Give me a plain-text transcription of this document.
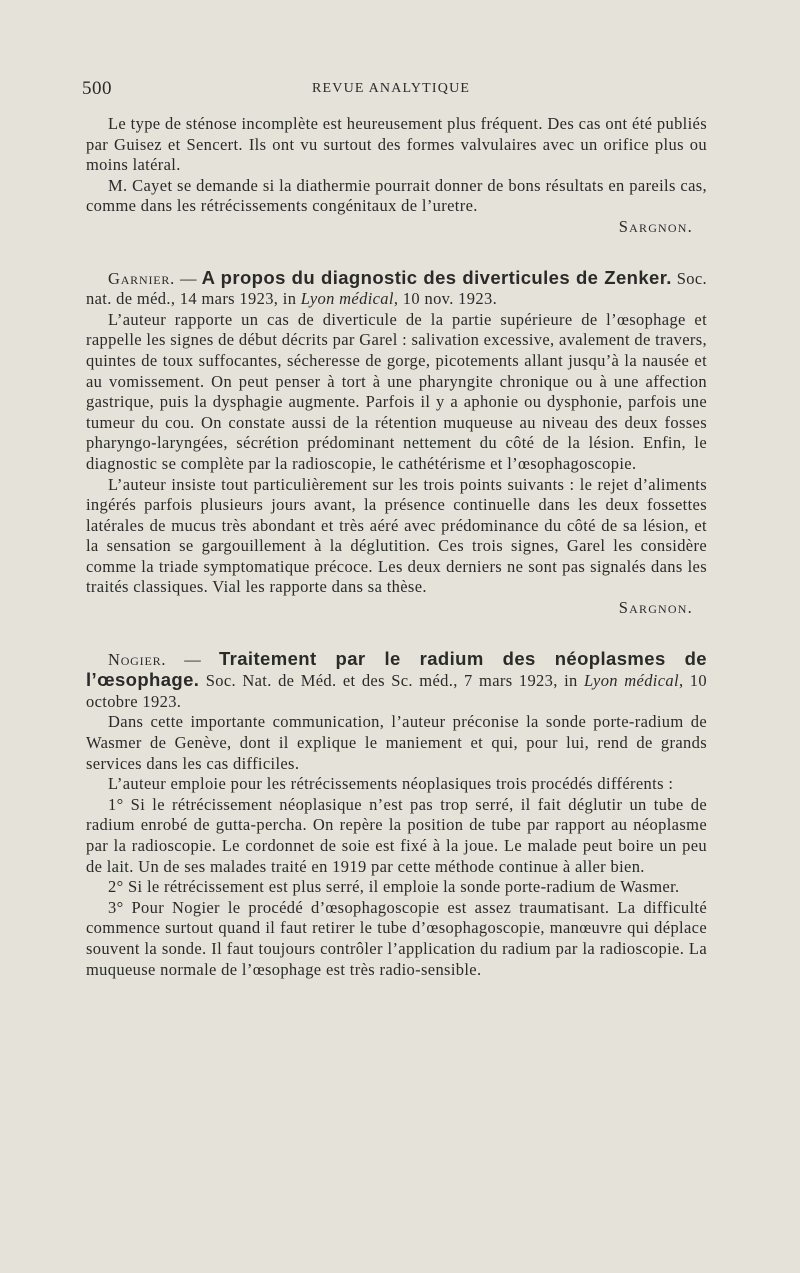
500	REVUE ANALYTIQUE

Le type de sténose incomplète est heureusement plus fréquent. Des cas ont été publiés par Guisez et Sencert. Ils ont vu surtout des formes valvulaires avec un orifice plus ou moins latéral.

M. Cayet se demande si la diathermie pourrait donner de bons résultats en pareils cas, comme dans les rétrécissements congénitaux de l’uretre.

Sargnon.

Garnier. — A propos du diagnostic des diverticules de Zenker. Soc. nat. de méd., 14 mars 1923, in Lyon médical, 10 nov. 1923.

L’auteur rapporte un cas de diverticule de la partie supérieure de l’œsophage et rappelle les signes de début décrits par Garel : salivation excessive, avalement de travers, quintes de toux suffocantes, sécheresse de gorge, picotements allant jusqu’à la nausée et au vomissement. On peut penser à tort à une pharyngite chronique ou à une affection gastrique, puis la dysphagie augmente. Parfois il y a aphonie ou dysphonie, parfois une tumeur du cou. On constate aussi de la rétention muqueuse au niveau des deux fosses pharyngo-laryngées, sécrétion prédominant nettement du côté de la lésion. Enfin, le diagnostic se complète par la radioscopie, le cathétérisme et l’œsophagoscopie.

L’auteur insiste tout particulièrement sur les trois points suivants : le rejet d’aliments ingérés parfois plusieurs jours avant, la présence continuelle dans les deux fossettes latérales de mucus très abondant et très aéré avec prédominance du côté de sa lésion, et la sensation se gargouillement à la déglutition. Ces trois signes, Garel les considère comme la triade symptomatique précoce. Les deux derniers ne sont pas signalés dans les traités classiques. Vial les rapporte dans sa thèse.

Sargnon.

Nogier. — Traitement par le radium des néoplasmes de l’œsophage. Soc. Nat. de Méd. et des Sc. méd., 7 mars 1923, in Lyon médical, 10 octobre 1923.

Dans cette importante communication, l’auteur préconise la sonde porte-radium de Wasmer de Genève, dont il explique le maniement et qui, pour lui, rend de grands services dans les cas difficiles.

L’auteur emploie pour les rétrécissements néoplasiques trois procédés différents :

1° Si le rétrécissement néoplasique n’est pas trop serré, il fait déglutir un tube de radium enrobé de gutta-percha. On repère la position de tube par rapport au néoplasme par la radioscopie. Le cordonnet de soie est fixé à la joue. Le malade peut boire un peu de lait. Un de ses malades traité en 1919 par cette méthode continue à aller bien.

2° Si le rétrécissement est plus serré, il emploie la sonde porte-radium de Wasmer.

3° Pour Nogier le procédé d’œsophagoscopie est assez traumatisant. La difficulté commence surtout quand il faut retirer le tube d’œsophagoscopie, manœuvre qui déplace souvent la sonde. Il faut toujours contrôler l’application du radium par la radioscopie. La muqueuse normale de l’œsophage est très radio-sensible.
